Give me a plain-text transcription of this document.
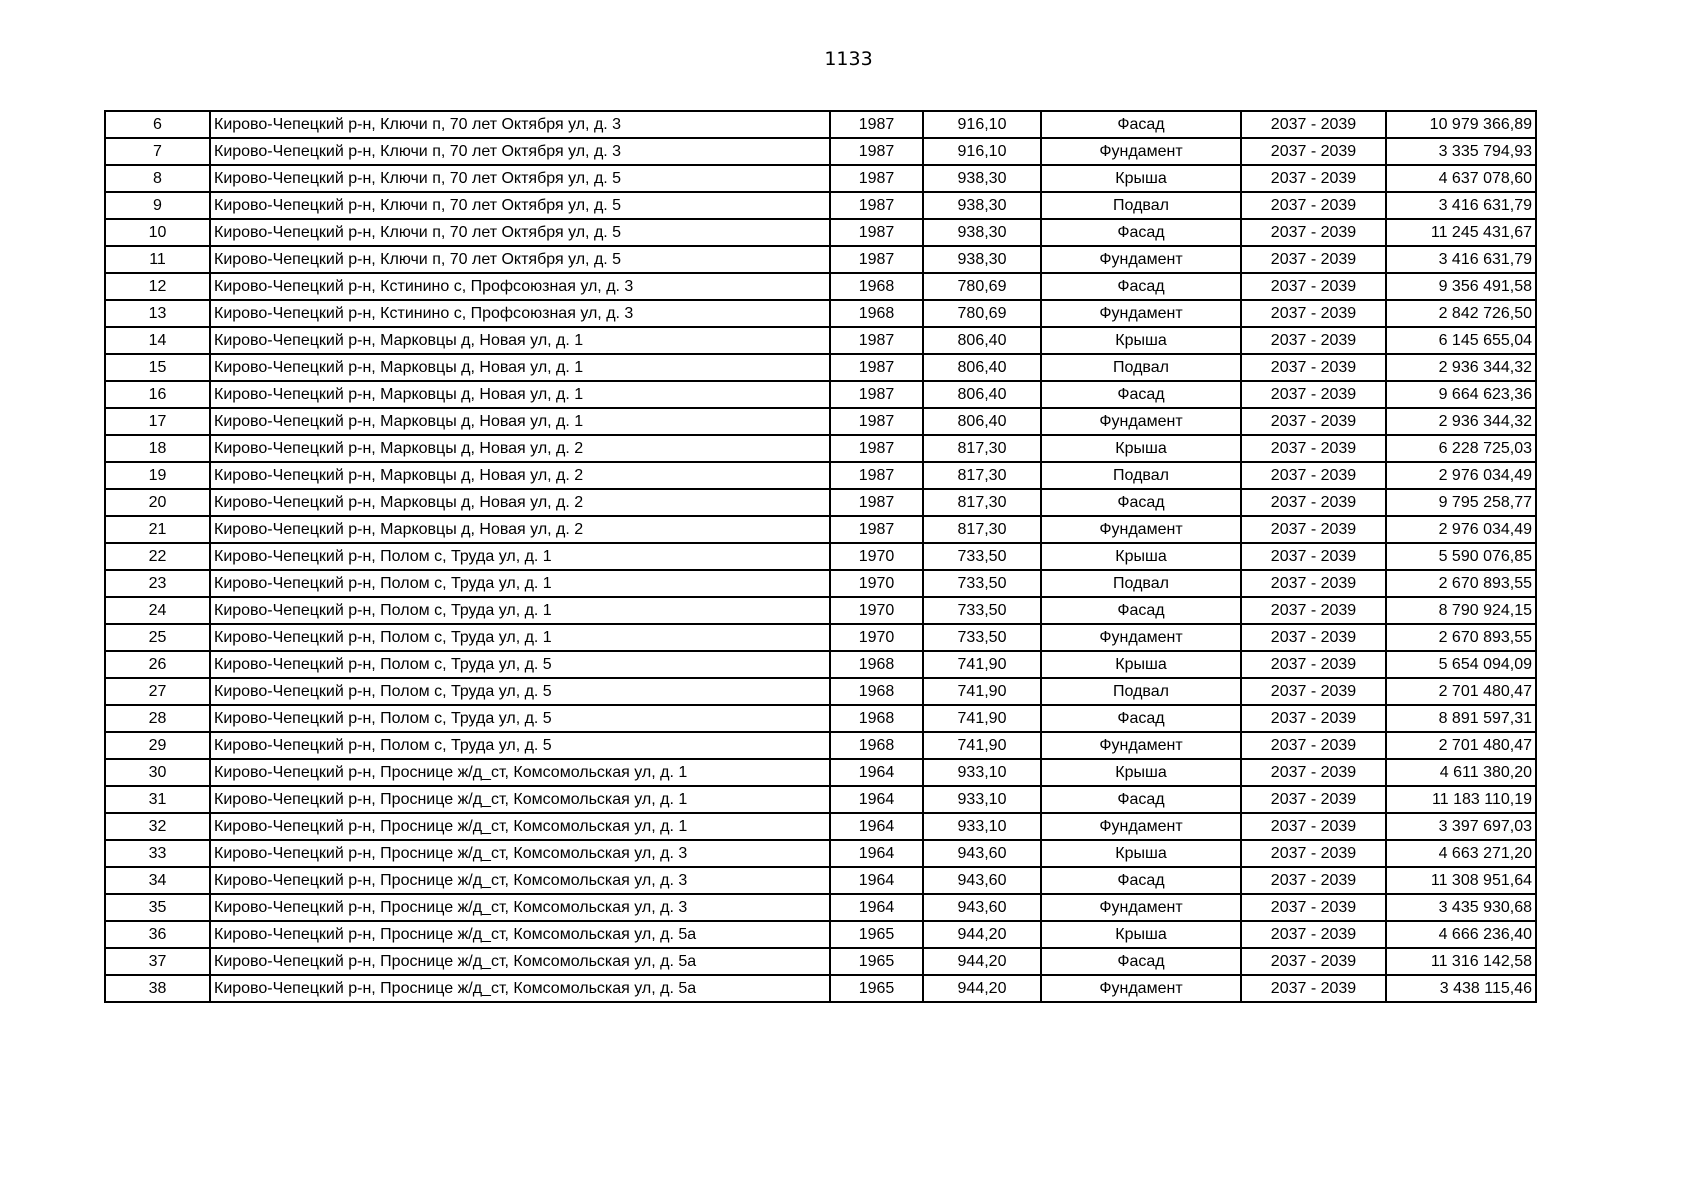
1133
6	Кирово-Чепецкий р-н, Ключи п, 70 лет Октября ул, д. 3	1987	916,10	Фасад	2037 - 2039	10 979 366,89
7	Кирово-Чепецкий р-н, Ключи п, 70 лет Октября ул, д. 3	1987	916,10	Фундамент	2037 - 2039	3 335 794,93
8	Кирово-Чепецкий р-н, Ключи п, 70 лет Октября ул, д. 5	1987	938,30	Крыша	2037 - 2039	4 637 078,60
9	Кирово-Чепецкий р-н, Ключи п, 70 лет Октября ул, д. 5	1987	938,30	Подвал	2037 - 2039	3 416 631,79
10	Кирово-Чепецкий р-н, Ключи п, 70 лет Октября ул, д. 5	1987	938,30	Фасад	2037 - 2039	11 245 431,67
11	Кирово-Чепецкий р-н, Ключи п, 70 лет Октября ул, д. 5	1987	938,30	Фундамент	2037 - 2039	3 416 631,79
12	Кирово-Чепецкий р-н, Кстинино с, Профсоюзная ул, д. 3	1968	780,69	Фасад	2037 - 2039	9 356 491,58
13	Кирово-Чепецкий р-н, Кстинино с, Профсоюзная ул, д. 3	1968	780,69	Фундамент	2037 - 2039	2 842 726,50
14	Кирово-Чепецкий р-н, Марковцы д, Новая ул, д. 1	1987	806,40	Крыша	2037 - 2039	6 145 655,04
15	Кирово-Чепецкий р-н, Марковцы д, Новая ул, д. 1	1987	806,40	Подвал	2037 - 2039	2 936 344,32
16	Кирово-Чепецкий р-н, Марковцы д, Новая ул, д. 1	1987	806,40	Фасад	2037 - 2039	9 664 623,36
17	Кирово-Чепецкий р-н, Марковцы д, Новая ул, д. 1	1987	806,40	Фундамент	2037 - 2039	2 936 344,32
18	Кирово-Чепецкий р-н, Марковцы д, Новая ул, д. 2	1987	817,30	Крыша	2037 - 2039	6 228 725,03
19	Кирово-Чепецкий р-н, Марковцы д, Новая ул, д. 2	1987	817,30	Подвал	2037 - 2039	2 976 034,49
20	Кирово-Чепецкий р-н, Марковцы д, Новая ул, д. 2	1987	817,30	Фасад	2037 - 2039	9 795 258,77
21	Кирово-Чепецкий р-н, Марковцы д, Новая ул, д. 2	1987	817,30	Фундамент	2037 - 2039	2 976 034,49
22	Кирово-Чепецкий р-н, Полом с, Труда ул, д. 1	1970	733,50	Крыша	2037 - 2039	5 590 076,85
23	Кирово-Чепецкий р-н, Полом с, Труда ул, д. 1	1970	733,50	Подвал	2037 - 2039	2 670 893,55
24	Кирово-Чепецкий р-н, Полом с, Труда ул, д. 1	1970	733,50	Фасад	2037 - 2039	8 790 924,15
25	Кирово-Чепецкий р-н, Полом с, Труда ул, д. 1	1970	733,50	Фундамент	2037 - 2039	2 670 893,55
26	Кирово-Чепецкий р-н, Полом с, Труда ул, д. 5	1968	741,90	Крыша	2037 - 2039	5 654 094,09
27	Кирово-Чепецкий р-н, Полом с, Труда ул, д. 5	1968	741,90	Подвал	2037 - 2039	2 701 480,47
28	Кирово-Чепецкий р-н, Полом с, Труда ул, д. 5	1968	741,90	Фасад	2037 - 2039	8 891 597,31
29	Кирово-Чепецкий р-н, Полом с, Труда ул, д. 5	1968	741,90	Фундамент	2037 - 2039	2 701 480,47
30	Кирово-Чепецкий р-н, Проснице ж/д_ст, Комсомольская ул, д. 1	1964	933,10	Крыша	2037 - 2039	4 611 380,20
31	Кирово-Чепецкий р-н, Проснице ж/д_ст, Комсомольская ул, д. 1	1964	933,10	Фасад	2037 - 2039	11 183 110,19
32	Кирово-Чепецкий р-н, Проснице ж/д_ст, Комсомольская ул, д. 1	1964	933,10	Фундамент	2037 - 2039	3 397 697,03
33	Кирово-Чепецкий р-н, Проснице ж/д_ст, Комсомольская ул, д. 3	1964	943,60	Крыша	2037 - 2039	4 663 271,20
34	Кирово-Чепецкий р-н, Проснице ж/д_ст, Комсомольская ул, д. 3	1964	943,60	Фасад	2037 - 2039	11 308 951,64
35	Кирово-Чепецкий р-н, Проснице ж/д_ст, Комсомольская ул, д. 3	1964	943,60	Фундамент	2037 - 2039	3 435 930,68
36	Кирово-Чепецкий р-н, Проснице ж/д_ст, Комсомольская ул, д. 5а	1965	944,20	Крыша	2037 - 2039	4 666 236,40
37	Кирово-Чепецкий р-н, Проснице ж/д_ст, Комсомольская ул, д. 5а	1965	944,20	Фасад	2037 - 2039	11 316 142,58
38	Кирово-Чепецкий р-н, Проснице ж/д_ст, Комсомольская ул, д. 5а	1965	944,20	Фундамент	2037 - 2039	3 438 115,46
